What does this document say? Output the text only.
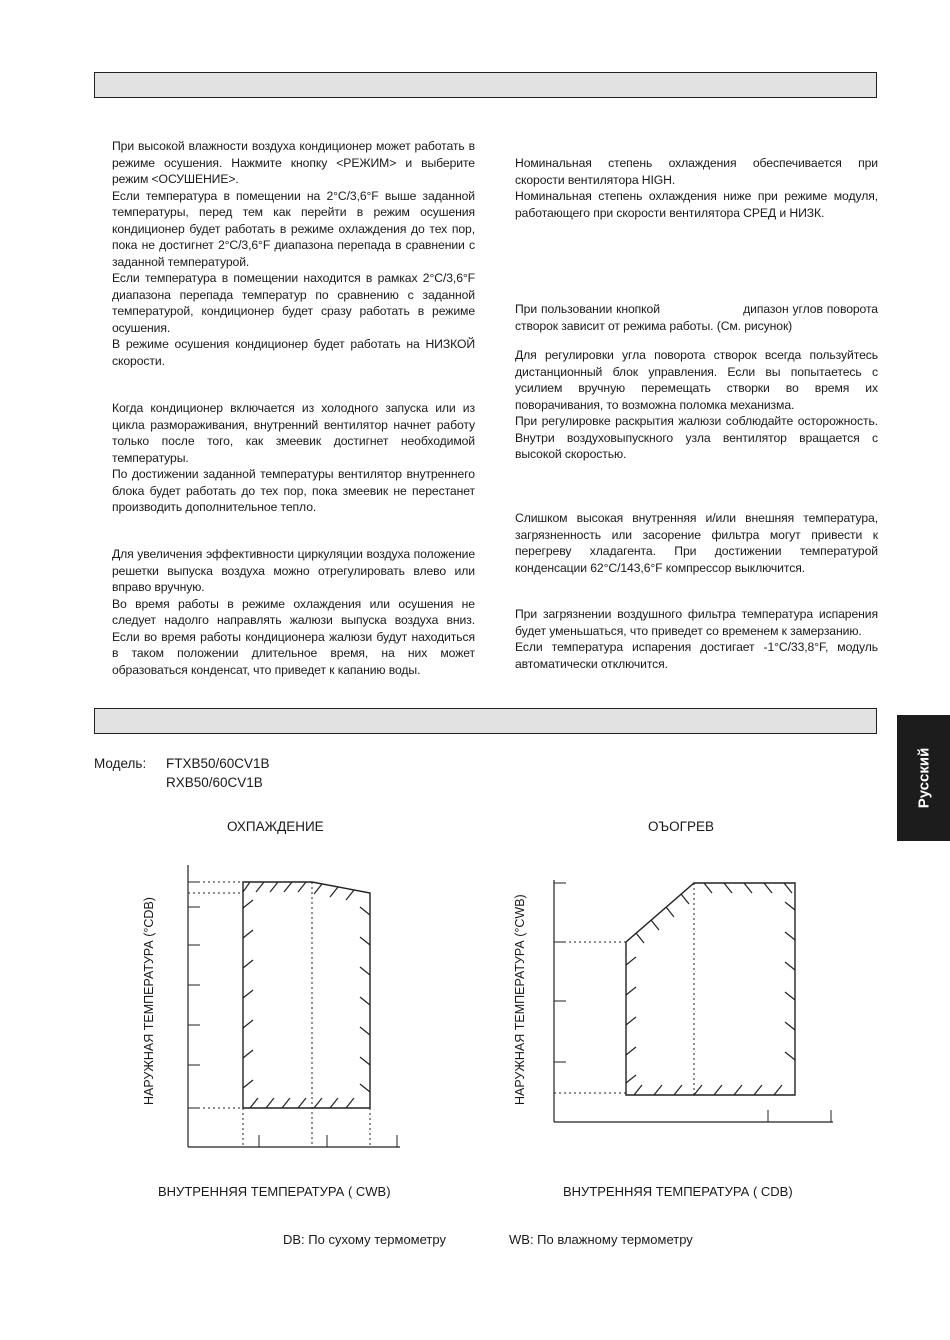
При высокой влажности воздуха кондиционер может работать в режиме осушения. Нажмите кнопку <РЕЖИМ> и выберите режим <ОСУШЕНИЕ>.

Если температура в помещении на 2°C/3,6°F выше заданной температуры, перед тем как перейти в режим осушения кондиционер будет работать в режиме охлаждения до тех пор, пока не достигнет 2°C/3,6°F диапазона перепада в сравнении с заданной температурой.

Если температура в помещении находится в рамках 2°C/3,6°F диапазона перепада температур по сравнению с заданной температурой, кондиционер будет сразу работать в режиме осушения.

В режиме осушения кондиционер будет работать на НИЗКОЙ скорости.

Когда кондиционер включается из холодного запуска или из цикла размораживания, внутренний вентилятор начнет работу только после того, как змеевик достигнет необходимой температуры.

По достижении заданной температуры вентилятор внутреннего блока будет работать до тех пор, пока змеевик не перестанет производить дополнительное тепло.

Для увеличения эффективности циркуляции воздуха положение решетки выпуска воздуха можно отрегулировать влево или вправо вручную.

Во время работы в режиме охлаждения или осушения не следует надолго направлять жалюзи выпуска воздуха вниз. Если во время работы кондиционера жалюзи будут находиться в таком положении длительное время, на них может образоваться конденсат, что приведет к капанию воды.

Номинальная степень охлаждения обеспечивается при скорости вентилятора HIGH.

Номинальная степень охлаждения ниже при режиме модуля, работающего при скорости вентилятора СРЕД и НИЗК.

При пользовании кнопкой                     дипазон углов поворота створок зависит от режима работы. (См. рисунок)

Для регулировки угла поворота створок всегда пользуйтесь дистанционный блок управления. Если вы попытаетесь с усилием вручную перемещать створки во время их поворачивания, то возможна поломка механизма.

При регулировке раскрытия жалюзи соблюдайте осторожность. Внутри воздуховыпускного узла вентилятор вращается с высокой скоростью.

Слишком высокая внутренняя и/или внешняя температура, загрязненность или засорение фильтра могут привести к перегреву хладагента. При достижении температурой конденсации 62°C/143,6°F компрессор выключится.

При загрязнении воздушного фильтра температура испарения будет уменьшаться, что приведет со временем к замерзанию.

Если температура испарения достигает -1°C/33,8°F, модуль автоматически отключится.

Русский
Модель: FTXB50/60CV1B
RXB50/60CV1B
ОХПАЖДЕНИЕ	ОЪОГРЕВ
НАРУЖНАЯ ТЕМПЕРАТУРА (°CDB)
ВНУТРЕННЯЯ ТЕМПЕРАТУРА ( CWB)
НАРУЖНАЯ ТЕМПЕРАТУРА (°CWB)
ВНУТРЕННЯЯ ТЕМПЕРАТУРА ( CDB)
DB: По сухому термометру	WB: По влажному термометру
